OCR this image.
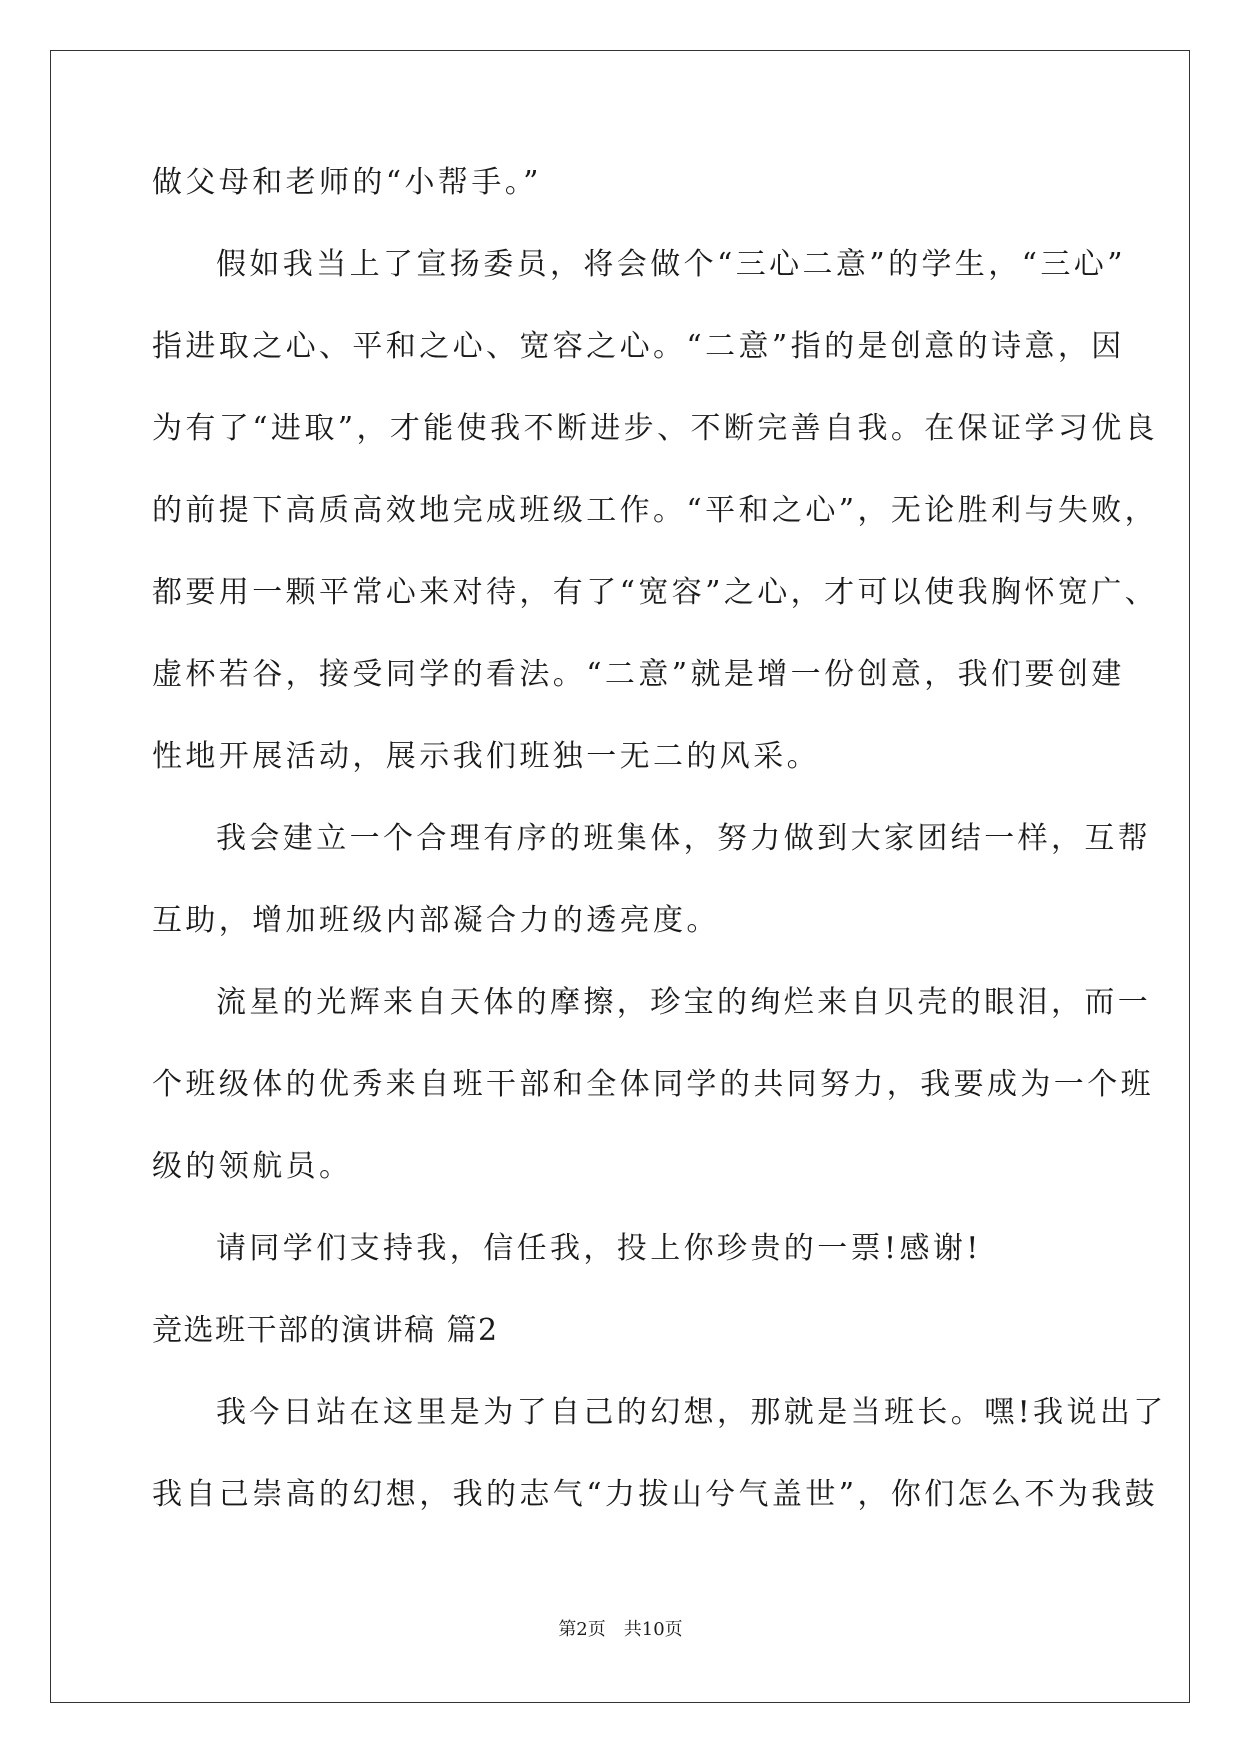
做父母和老师的“小帮手。”
假如我当上了宣扬委员，将会做个“三心二意”的学生，“三心”
指进取之心、平和之心、宽容之心。“二意”指的是创意的诗意，因
为有了“进取”，才能使我不断进步、不断完善自我。在保证学习优良
的前提下高质高效地完成班级工作。“平和之心”，无论胜利与失败，
都要用一颗平常心来对待，有了“宽容”之心，才可以使我胸怀宽广、
虚杯若谷，接受同学的看法。“二意”就是增一份创意，我们要创建
性地开展活动，展示我们班独一无二的风采。
我会建立一个合理有序的班集体，努力做到大家团结一样，互帮
互助，增加班级内部凝合力的透亮度。
流星的光辉来自天体的摩擦，珍宝的绚烂来自贝壳的眼泪，而一
个班级体的优秀来自班干部和全体同学的共同努力，我要成为一个班
级的领航员。
请同学们支持我，信任我，投上你珍贵的一票!感谢!
竞选班干部的演讲稿 篇2
我今日站在这里是为了自己的幻想，那就是当班长。嘿!我说出了
我自己崇高的幻想，我的志气“力拔山兮气盖世”，你们怎么不为我鼓
第2页　共10页
